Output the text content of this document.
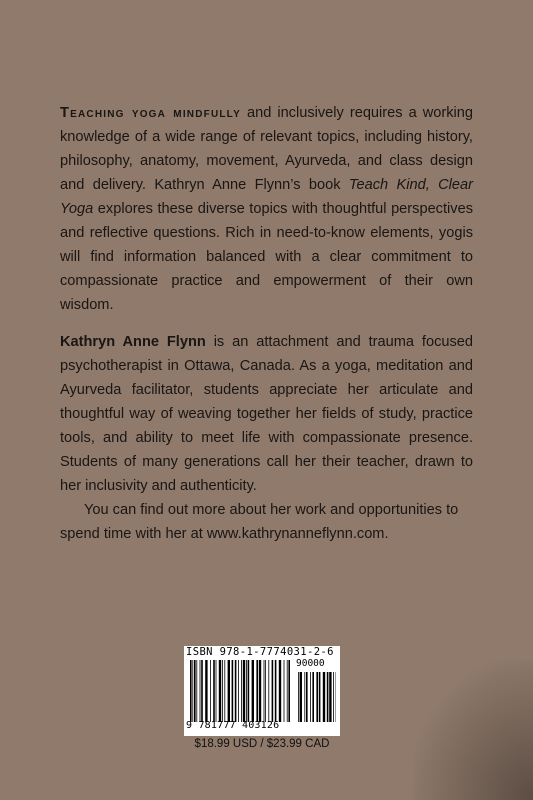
Teaching yoga mindfully and inclusively requires a working knowledge of a wide range of relevant topics, including history, philosophy, anatomy, movement, Ayurveda, and class design and delivery. Kathryn Anne Flynn’s book Teach Kind, Clear Yoga explores these diverse topics with thoughtful perspectives and reflective questions. Rich in need-to-know elements, yogis will find information balanced with a clear commitment to compassionate practice and empowerment of their own wisdom.

Kathryn Anne Flynn is an attachment and trauma focused psychotherapist in Ottawa, Canada. As a yoga, meditation and Ayurveda facilitator, students appreciate her articulate and thoughtful way of weaving together her fields of study, practice tools, and ability to meet life with compassionate presence. Students of many generations call her their teacher, drawn to her inclusivity and authenticity.

You can find out more about her work and opportunities to spend time with her at www.kathrynanneflynn.com.

ISBN 978-1-7774031-2-6
90000
9 781777 403126
$18.99 USD / $23.99 CAD
